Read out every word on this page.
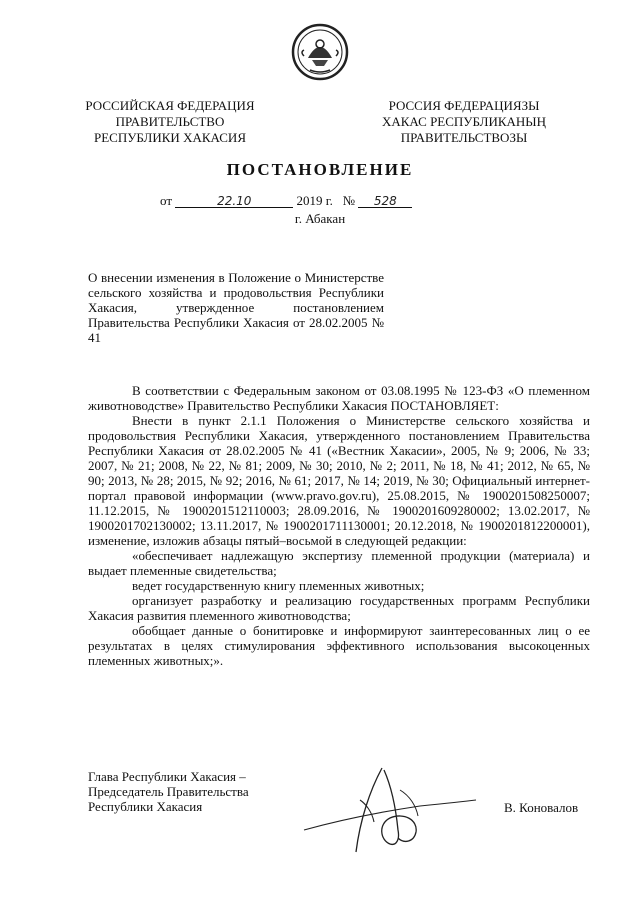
РОССИЙСКАЯ ФЕДЕРАЦИЯ
ПРАВИТЕЛЬСТВО
РЕСПУБЛИКИ ХАКАСИЯ
РОССИЯ ФЕДЕРАЦИЯЗЫ
ХАКАС РЕСПУБЛИКАНЫҢ
ПРАВИТЕЛЬСТВОЗЫ
ПОСТАНОВЛЕНИЕ
от	22.10	2019 г. № 528
г. Абакан
О внесении изменения в Положение о Министерстве сельского хозяйства и продовольствия Республики Хакасия, утвержденное постановлением Правительства Республики Хакасия от 28.02.2005 № 41

В соответствии с Федеральным законом от 03.08.1995 № 123-ФЗ «О племенном животноводстве» Правительство Республики Хакасия ПОСТАНОВЛЯЕТ:

Внести в пункт 2.1.1 Положения о Министерстве сельского хозяйства и продовольствия Республики Хакасия, утвержденного постановлением Правительства Республики Хакасия от 28.02.2005 № 41 («Вестник Хакасии», 2005, № 9; 2006, № 33; 2007, № 21; 2008, № 22, № 81; 2009, № 30; 2010, № 2; 2011, № 18, № 41; 2012, № 65, № 90; 2013, № 28; 2015, № 92; 2016, № 61; 2017, № 14; 2019, № 30; Официальный интернет-портал правовой информации (www.pravo.gov.ru), 25.08.2015, № 1900201508250007; 11.12.2015, № 1900201512110003; 28.09.2016, № 1900201609280002; 13.02.2017, № 1900201702130002; 13.11.2017, № 1900201711130001; 20.12.2018, № 1900201812200001), изменение, изложив абзацы пятый–восьмой в следующей редакции:

«обеспечивает надлежащую экспертизу племенной продукции (материала) и выдает племенные свидетельства;

ведет государственную книгу племенных животных;

организует разработку и реализацию государственных программ Республики Хакасия развития племенного животноводства;

обобщает данные о бонитировке и информируют заинтересованных лиц о ее результатах в целях стимулирования эффективного использования высокоценных племенных животных;».

Глава Республики Хакасия –
Председатель Правительства
Республики Хакасия	В. Коновалов
